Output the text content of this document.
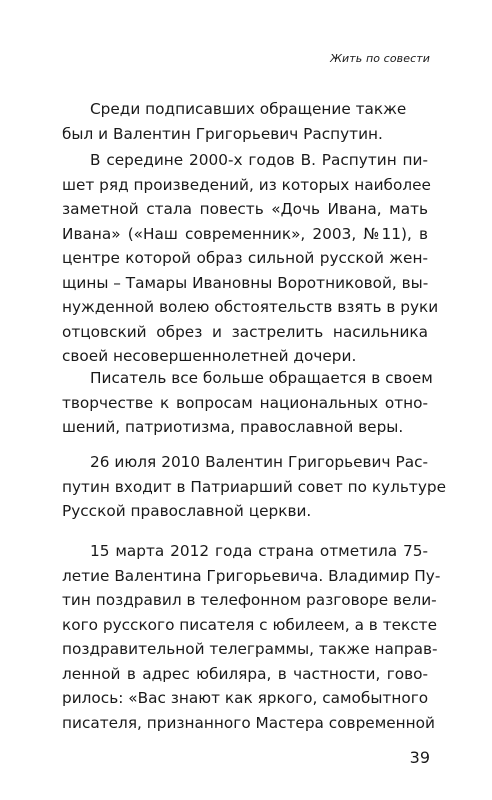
Жить по совести
Среди подписавших обращение также
был и Валентин Григорьевич Распутин.
В середине 2000-х годов В. Распутин пи-
шет ряд произведений, из которых наиболее
заметной стала повесть «Дочь Ивана, мать
Ивана» («Наш современник», 2003, №11), в
центре которой образ сильной русской жен-
щины – Тамары Ивановны Воротниковой, вы-
нужденной волею обстоятельств взять в руки
отцовский обрез и застрелить насильника
своей несовершеннолетней дочери.
Писатель все больше обращается в своем
творчестве к вопросам национальных отно-
шений, патриотизма, православной веры.
26 июля 2010 Валентин Григорьевич Рас-
путин входит в Патриарший совет по культуре
Русской православной церкви.
15 марта 2012 года страна отметила 75-
летие Валентина Григорьевича. Владимир Пу-
тин поздравил в телефонном разговоре вели-
кого русского писателя с юбилеем, а в тексте
поздравительной телеграммы, также направ-
ленной в адрес юбиляра, в частности, гово-
рилось: «Вас знают как яркого, самобытного
писателя, признанного Мастера современной
39
